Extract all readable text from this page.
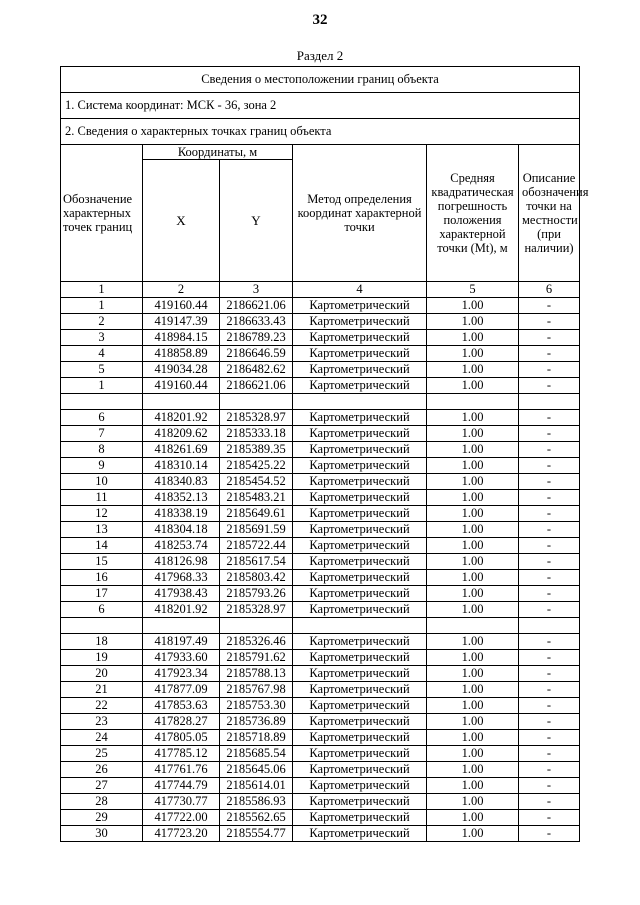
32
Раздел 2
Сведения о местоположении границ объекта					
1. Система координат: МСК - 36, зона 2					
2. Сведения о характерных точках границ объекта					
Обозначение характерных точек границ	Координаты, м		Метод определения координат характерной точки	Средняя квадратическая погрешность положения характерной точки (Mt), м	Описание обозначения точки на местности (при наличии)
	X	Y			
1	2	3	4	5	6
1	419160.44	2186621.06	Картометрический	1.00	-
2	419147.39	2186633.43	Картометрический	1.00	-
3	418984.15	2186789.23	Картометрический	1.00	-
4	418858.89	2186646.59	Картометрический	1.00	-
5	419034.28	2186482.62	Картометрический	1.00	-
1	419160.44	2186621.06	Картометрический	1.00	-

6	418201.92	2185328.97	Картометрический	1.00	-
7	418209.62	2185333.18	Картометрический	1.00	-
8	418261.69	2185389.35	Картометрический	1.00	-
9	418310.14	2185425.22	Картометрический	1.00	-
10	418340.83	2185454.52	Картометрический	1.00	-
11	418352.13	2185483.21	Картометрический	1.00	-
12	418338.19	2185649.61	Картометрический	1.00	-
13	418304.18	2185691.59	Картометрический	1.00	-
14	418253.74	2185722.44	Картометрический	1.00	-
15	418126.98	2185617.54	Картометрический	1.00	-
16	417968.33	2185803.42	Картометрический	1.00	-
17	417938.43	2185793.26	Картометрический	1.00	-
6	418201.92	2185328.97	Картометрический	1.00	-

18	418197.49	2185326.46	Картометрический	1.00	-
19	417933.60	2185791.62	Картометрический	1.00	-
20	417923.34	2185788.13	Картометрический	1.00	-
21	417877.09	2185767.98	Картометрический	1.00	-
22	417853.63	2185753.30	Картометрический	1.00	-
23	417828.27	2185736.89	Картометрический	1.00	-
24	417805.05	2185718.89	Картометрический	1.00	-
25	417785.12	2185685.54	Картометрический	1.00	-
26	417761.76	2185645.06	Картометрический	1.00	-
27	417744.79	2185614.01	Картометрический	1.00	-
28	417730.77	2185586.93	Картометрический	1.00	-
29	417722.00	2185562.65	Картометрический	1.00	-
30	417723.20	2185554.77	Картометрический	1.00	-
